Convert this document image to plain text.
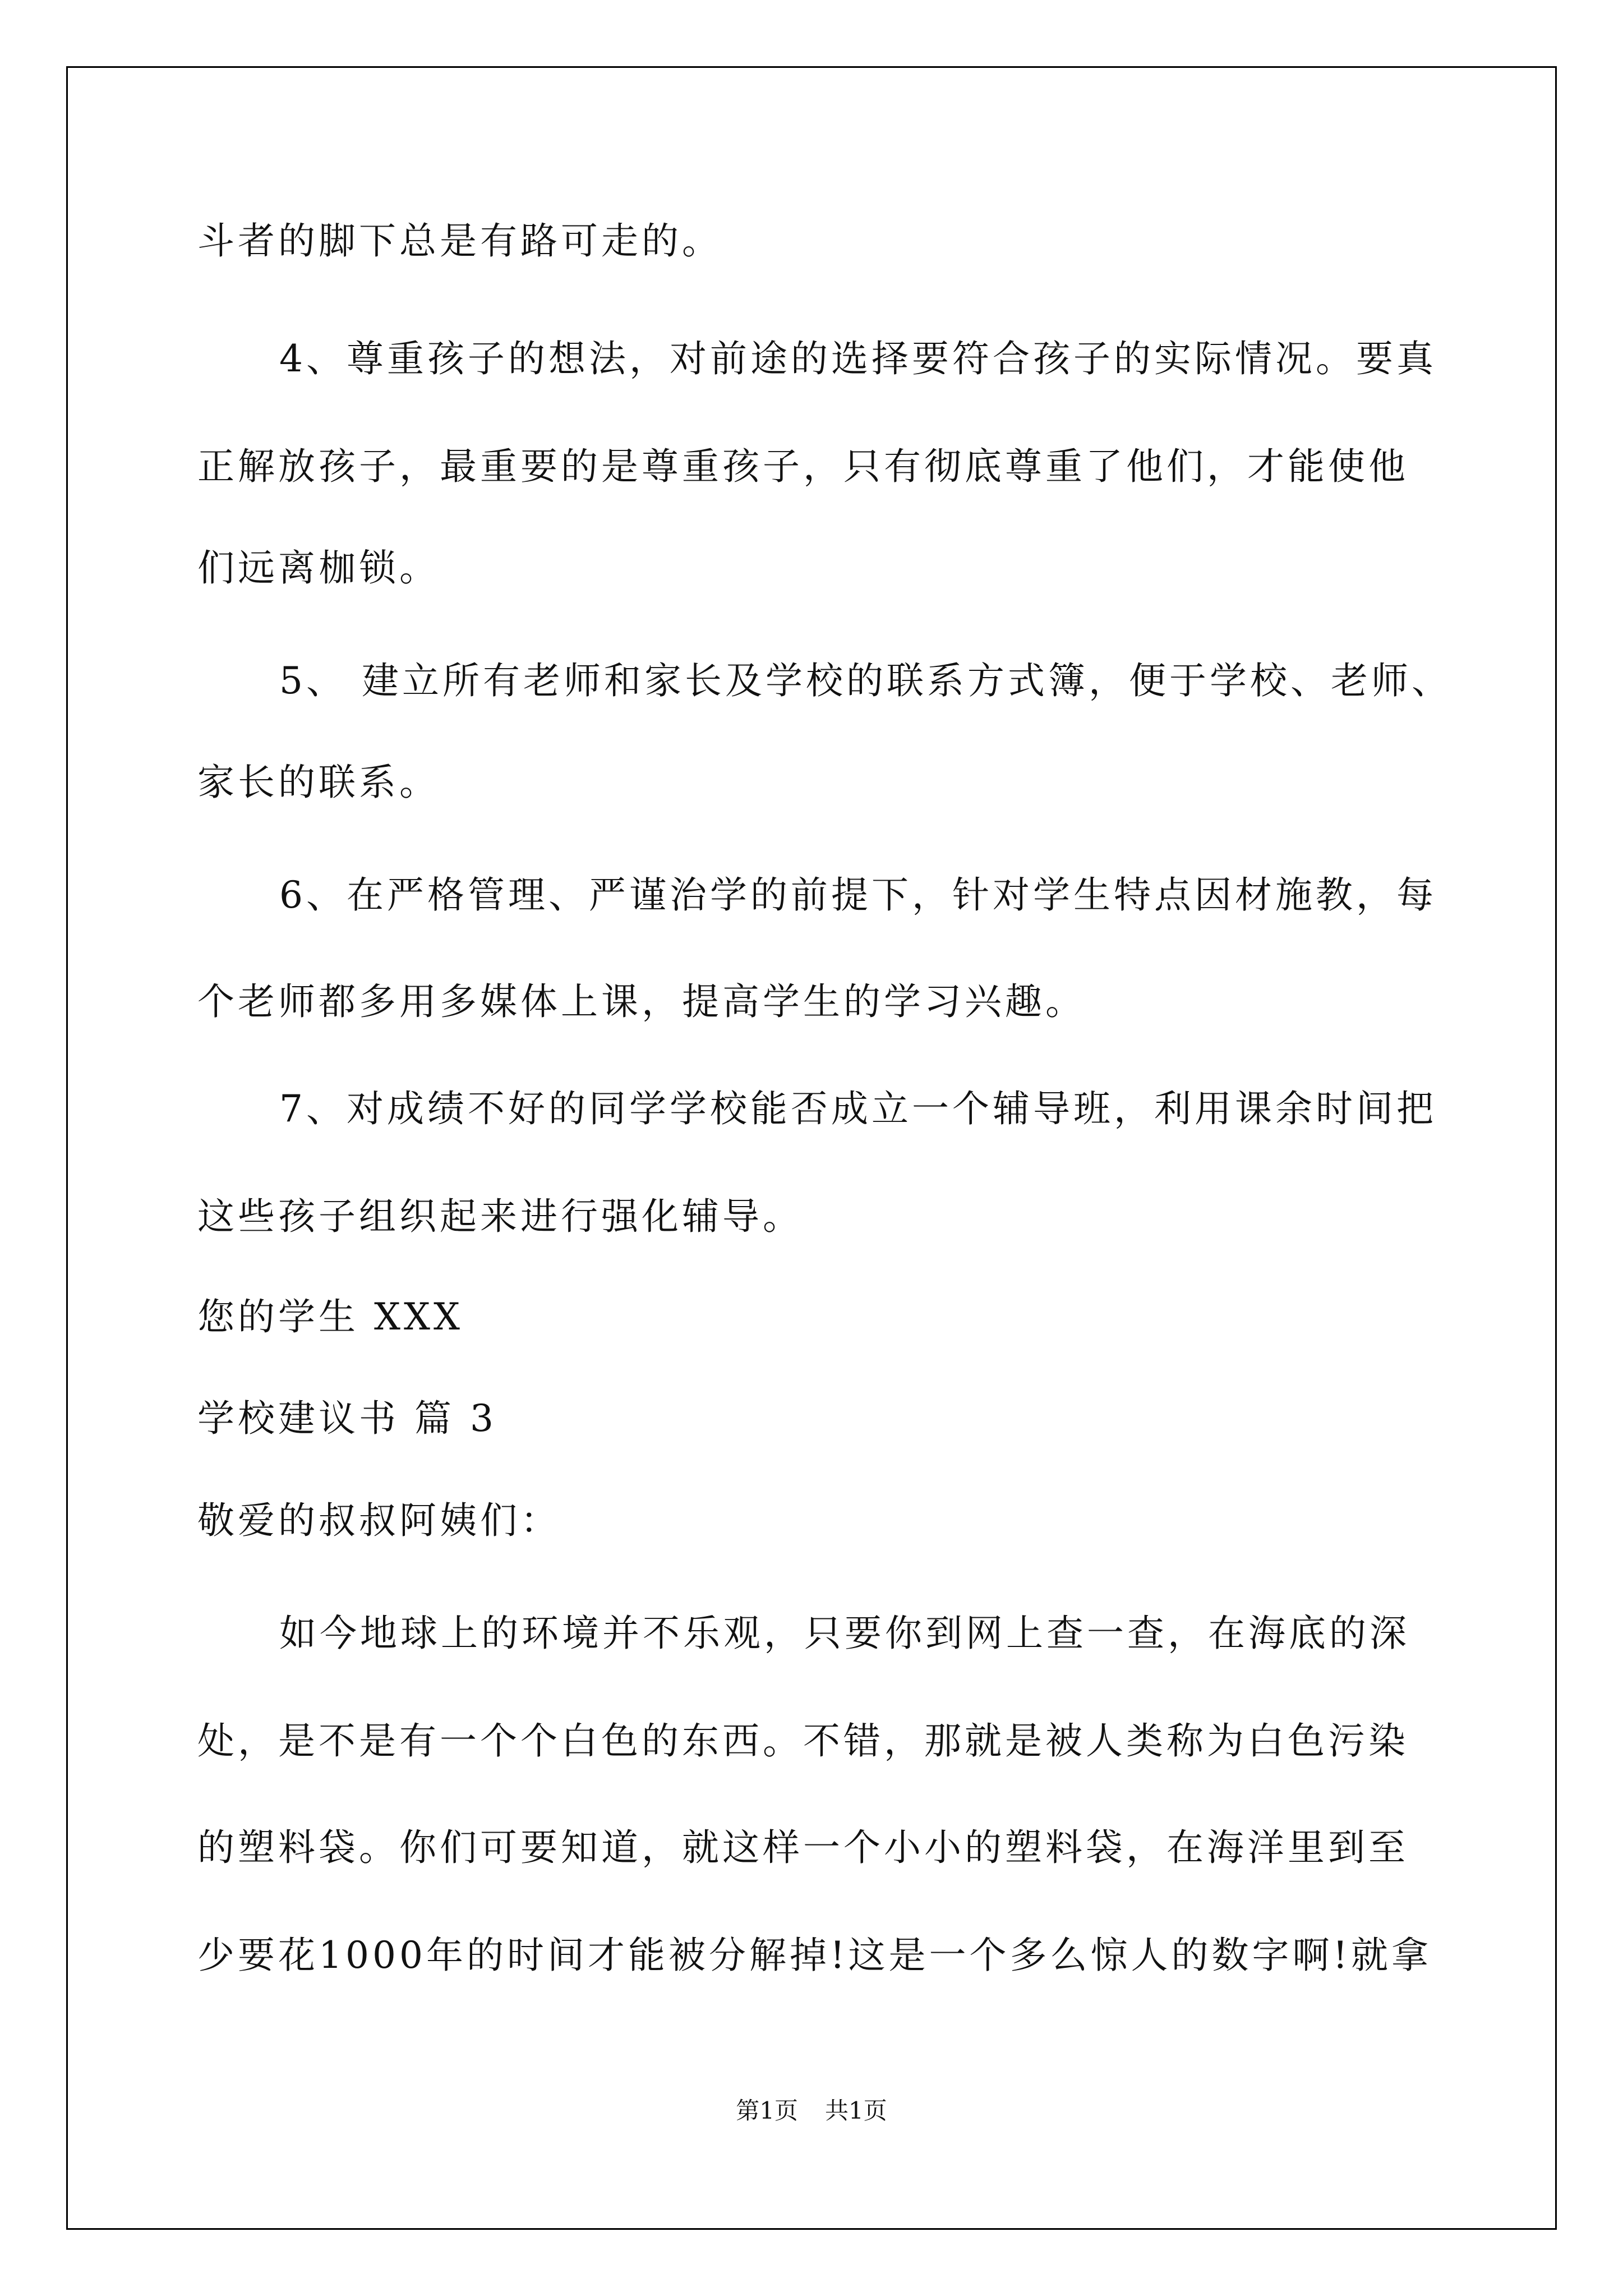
斗者的脚下总是有路可走的。
4、尊重孩子的想法，对前途的选择要符合孩子的实际情况。要真
正解放孩子，最重要的是尊重孩子，只有彻底尊重了他们，才能使他
们远离枷锁。
5、 建立所有老师和家长及学校的联系方式簿，便于学校、老师、
家长的联系。
6、在严格管理、严谨治学的前提下，针对学生特点因材施教，每
个老师都多用多媒体上课，提高学生的学习兴趣。
7、对成绩不好的同学学校能否成立一个辅导班，利用课余时间把
这些孩子组织起来进行强化辅导。
您的学生 XXX
学校建议书 篇 3
敬爱的叔叔阿姨们：
如今地球上的环境并不乐观，只要你到网上查一查，在海底的深
处，是不是有一个个白色的东西。不错，那就是被人类称为白色污染
的塑料袋。你们可要知道，就这样一个小小的塑料袋，在海洋里到至
少要花1000年的时间才能被分解掉!这是一个多么惊人的数字啊!就拿
第1页 共1页
